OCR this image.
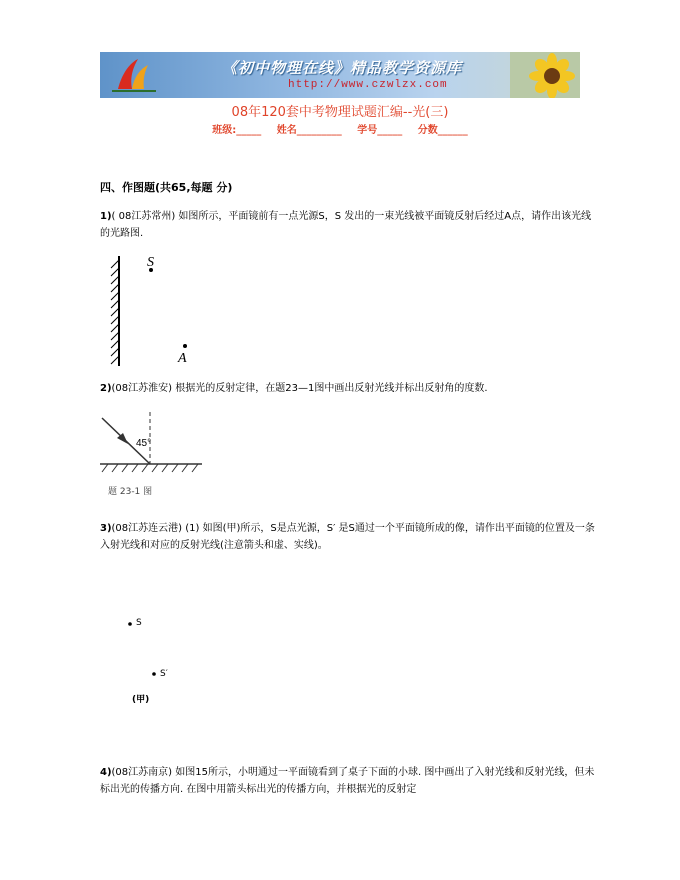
《初中物理在线》精品教学资源库
http://www.czwlzx.com
08年120套中考物理试题汇编--光(三)
班级:_____ 姓名_________ 学号_____ 分数______
四、作图题(共65,每题 分)
1)( 08江苏常州) 如图所示，平面镜前有一点光源S，S 发出的一束光线被平面镜反射后经过A点，请作出该光线的光路图.
S
A
2)(08江苏淮安) 根据光的反射定律，在题23—1图中画出反射光线并标出反射角的度数.
45°
题 23-1 图
3)(08江苏连云港) (1) 如图(甲)所示，S是点光源，S′ 是S通过一个平面镜所成的像，请作出平面镜的位置及一条入射光线和对应的反射光线(注意箭头和虚、实线)。
S
S′
(甲)
4)(08江苏南京) 如图15所示，小明通过一平面镜看到了桌子下面的小球. 图中画出了入射光线和反射光线，但未标出光的传播方向. 在图中用箭头标出光的传播方向，并根据光的反射定
